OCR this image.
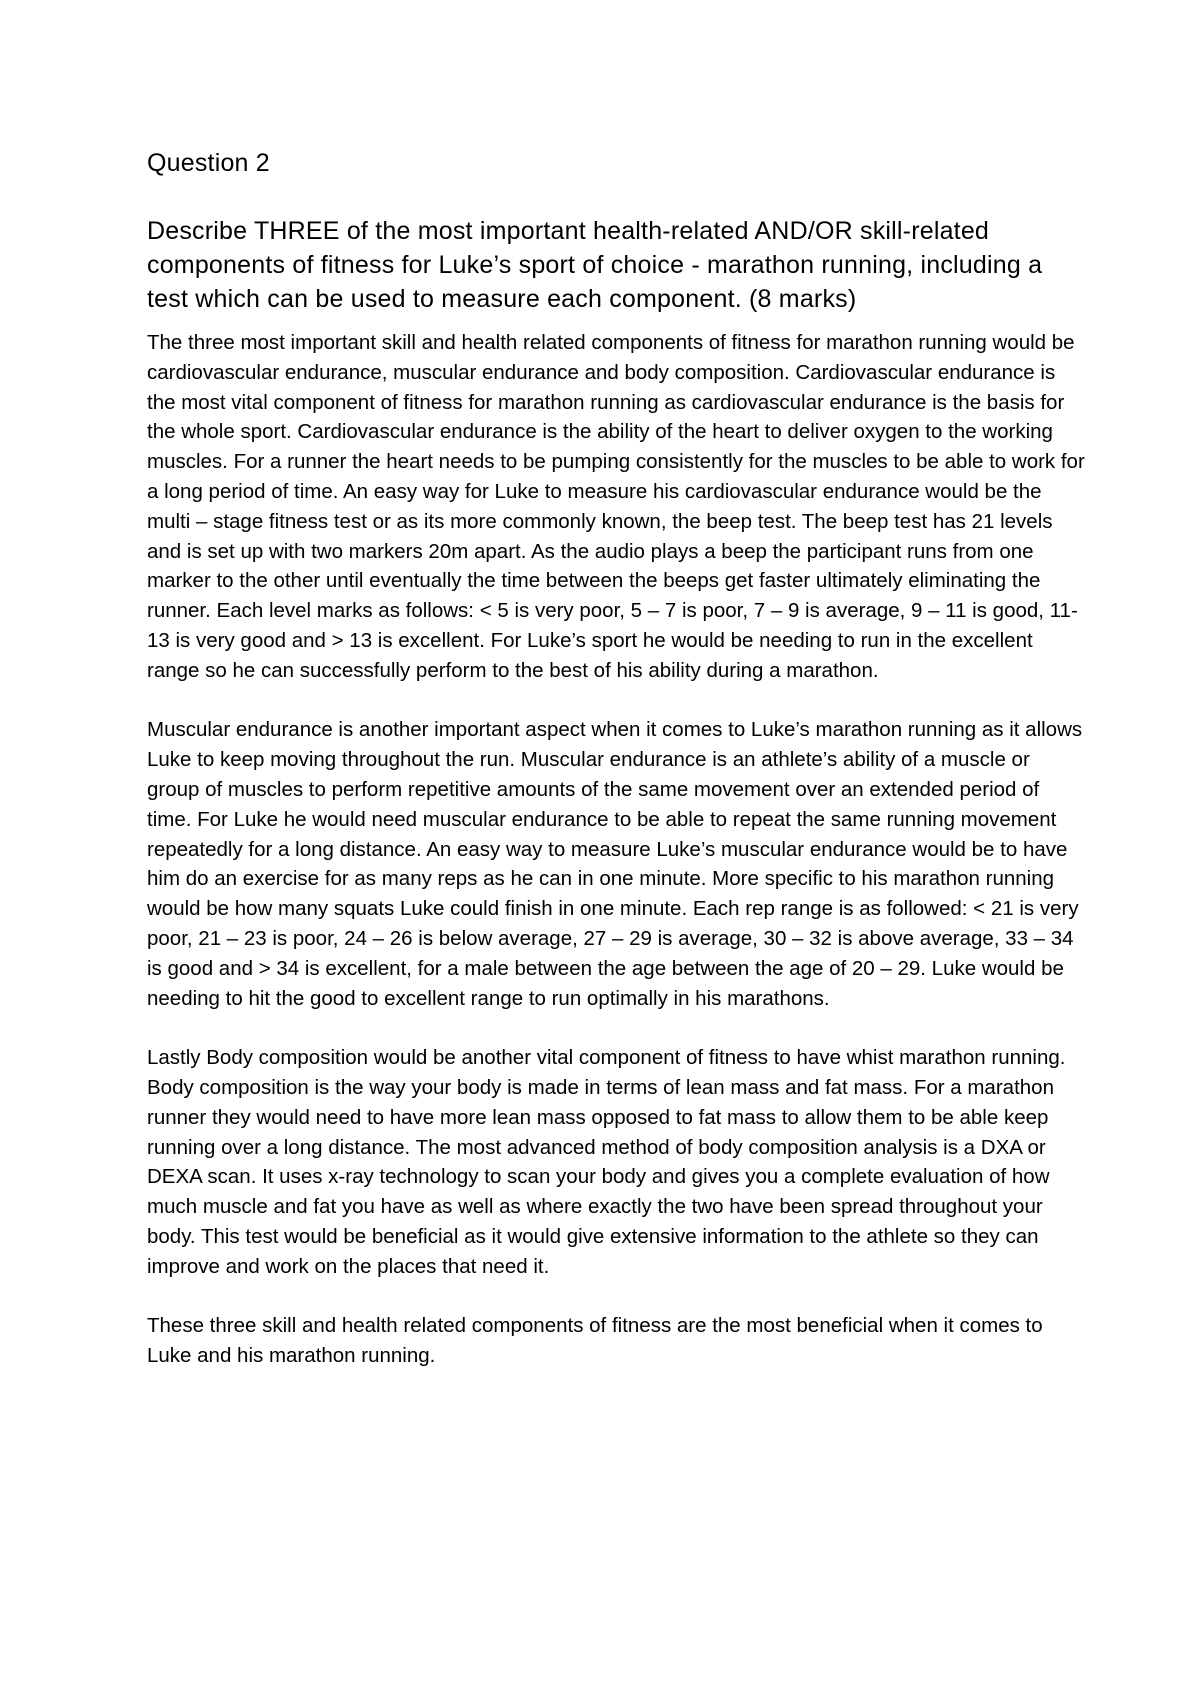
Question 2

Describe THREE of the most important health-related AND/OR skill-related components of fitness for Luke’s sport of choice - marathon running, including a test which can be used to measure each component. (8 marks)

The three most important skill and health related components of fitness for marathon running would be cardiovascular endurance, muscular endurance and body composition. Cardiovascular endurance is the most vital component of fitness for marathon running as cardiovascular endurance is the basis for the whole sport. Cardiovascular endurance is the ability of the heart to deliver oxygen to the working muscles. For a runner the heart needs to be pumping consistently for the muscles to be able to work for a long period of time. An easy way for Luke to measure his cardiovascular endurance would be the multi – stage fitness test or as its more commonly known, the beep test. The beep test has 21 levels and is set up with two markers 20m apart. As the audio plays a beep the participant runs from one marker to the other until eventually the time between the beeps get faster ultimately eliminating the runner. Each level marks as follows: < 5 is very poor, 5 – 7 is poor, 7 – 9 is average, 9 – 11 is good, 11- 13 is very good and > 13 is excellent. For Luke’s sport he would be needing to run in the excellent range so he can successfully perform to the best of his ability during a marathon.

Muscular endurance is another important aspect when it comes to Luke’s marathon running as it allows Luke to keep moving throughout the run. Muscular endurance is an athlete’s ability of a muscle or group of muscles to perform repetitive amounts of the same movement over an extended period of time. For Luke he would need muscular endurance to be able to repeat the same running movement repeatedly for a long distance. An easy way to measure Luke’s muscular endurance would be to have him do an exercise for as many reps as he can in one minute. More specific to his marathon running would be how many squats Luke could finish in one minute. Each rep range is as followed: < 21 is very poor, 21 – 23 is poor, 24 – 26 is below average, 27 – 29 is average, 30 – 32 is above average, 33 – 34 is good and > 34 is excellent, for a male between the age between the age of 20 – 29. Luke would be needing to hit the good to excellent range to run optimally in his marathons.

Lastly Body composition would be another vital component of fitness to have whist marathon running. Body composition is the way your body is made in terms of lean mass and fat mass. For a marathon runner they would need to have more lean mass opposed to fat mass to allow them to be able keep running over a long distance. The most advanced method of body composition analysis is a DXA or DEXA scan. It uses x-ray technology to scan your body and gives you a complete evaluation of how much muscle and fat you have as well as where exactly the two have been spread throughout your body. This test would be beneficial as it would give extensive information to the athlete so they can improve and work on the places that need it.

These three skill and health related components of fitness are the most beneficial when it comes to Luke and his marathon running.
